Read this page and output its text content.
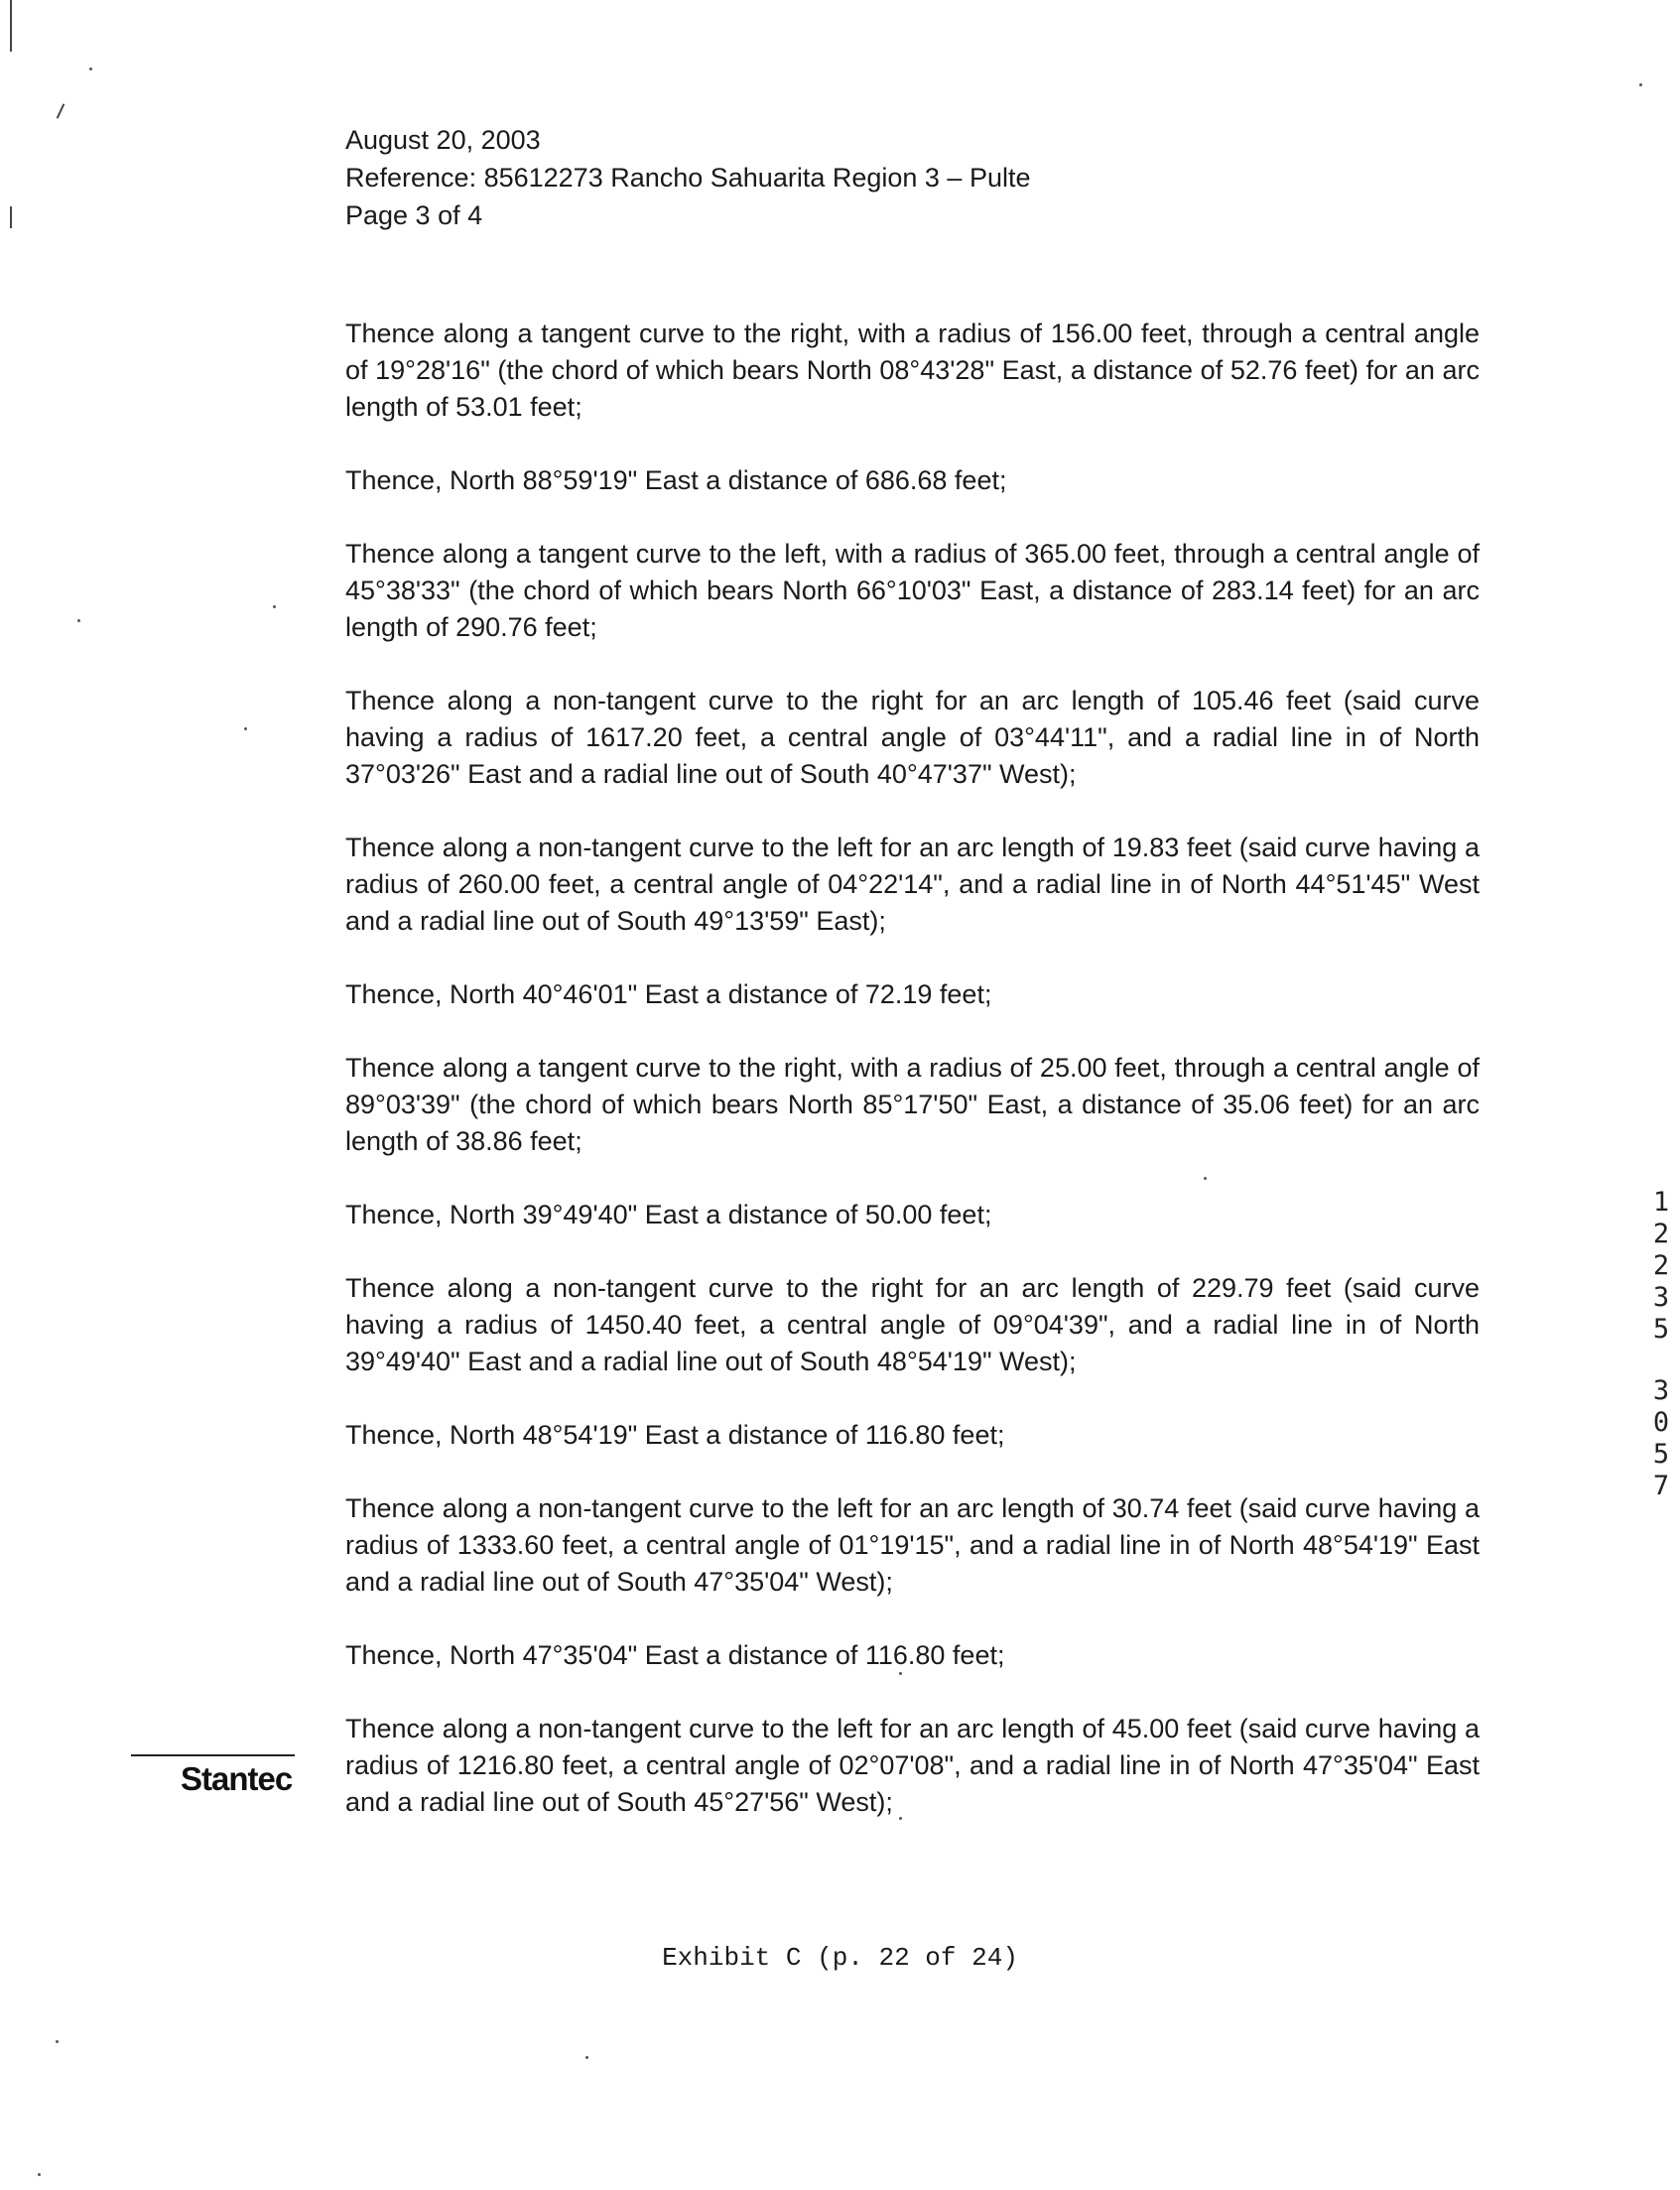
August 20, 2003
Reference: 85612273 Rancho Sahuarita Region 3 – Pulte
Page 3 of 4

Thence along a tangent curve to the right, with a radius of 156.00 feet, through a central angle of 19°28'16" (the chord of which bears North 08°43'28" East, a distance of 52.76 feet) for an arc length of 53.01 feet;

Thence, North 88°59'19" East a distance of 686.68 feet;

Thence along a tangent curve to the left, with a radius of 365.00 feet, through a central angle of 45°38'33" (the chord of which bears North 66°10'03" East, a distance of 283.14 feet) for an arc length of 290.76 feet;

Thence along a non-tangent curve to the right for an arc length of 105.46 feet (said curve having a radius of 1617.20 feet, a central angle of 03°44'11", and a radial line in of North 37°03'26" East and a radial line out of South 40°47'37" West);

Thence along a non-tangent curve to the left for an arc length of 19.83 feet (said curve having a radius of 260.00 feet, a central angle of 04°22'14", and a radial line in of North 44°51'45" West and a radial line out of South 49°13'59" East);

Thence, North 40°46'01" East a distance of 72.19 feet;

Thence along a tangent curve to the right, with a radius of 25.00 feet, through a central angle of 89°03'39" (the chord of which bears North 85°17'50" East, a distance of 35.06 feet) for an arc length of 38.86 feet;

Thence, North 39°49'40" East a distance of 50.00 feet;

Thence along a non-tangent curve to the right for an arc length of 229.79 feet (said curve having a radius of 1450.40 feet, a central angle of 09°04'39", and a radial line in of North 39°49'40" East and a radial line out of South 48°54'19" West);

Thence, North 48°54'19" East a distance of 116.80 feet;

Thence along a non-tangent curve to the left for an arc length of 30.74 feet (said curve having a radius of 1333.60 feet, a central angle of 01°19'15", and a radial line in of North 48°54'19" East and a radial line out of South 47°35'04" West);

Thence, North 47°35'04" East a distance of 116.80 feet;

Thence along a non-tangent curve to the left for an arc length of 45.00 feet (said curve having a radius of 1216.80 feet, a central angle of 02°07'08", and a radial line in of North 47°35'04" East and a radial line out of South 45°27'56" West);

Stantec
1
2
2
3
5
3
0
5
7
Exhibit C (p. 22 of 24)
